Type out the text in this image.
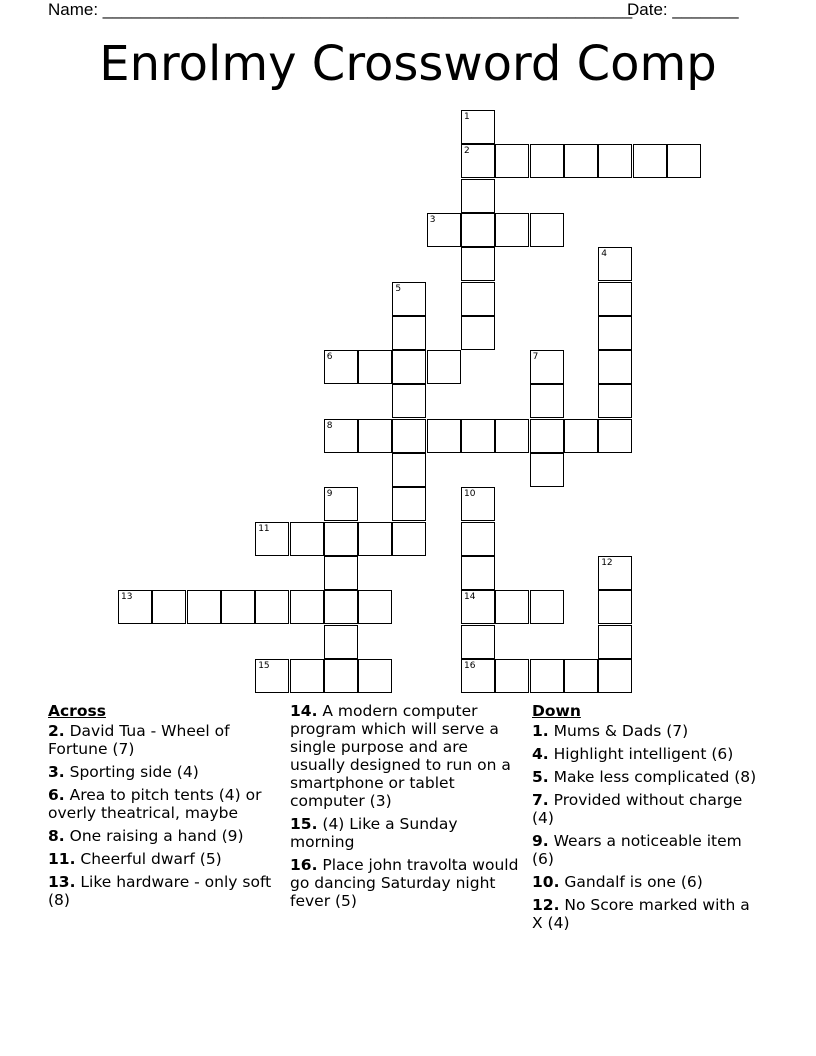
Name: ________________________________________________________
Date: _______
Enrolmy Crossword Comp
2
3
6
8
11
13	14
15	16
1
4
5
7
9	10
12
Across
2. David Tua - Wheel of Fortune (7)
3. Sporting side (4)
6. Area to pitch tents (4) or overly theatrical, maybe
8. One raising a hand (9)
11. Cheerful dwarf (5)
13. Like hardware - only soft (8)
14. A modern computer program which will serve a single purpose and are usually designed to run on a smartphone or tablet computer (3)
15. (4) Like a Sunday morning
16. Place john travolta would go dancing Saturday night fever (5)
Down
1. Mums & Dads (7)
4. Highlight intelligent (6)
5. Make less complicated (8)
7. Provided without charge (4)
9. Wears a noticeable item (6)
10. Gandalf is one (6)
12. No Score marked with a X (4)
